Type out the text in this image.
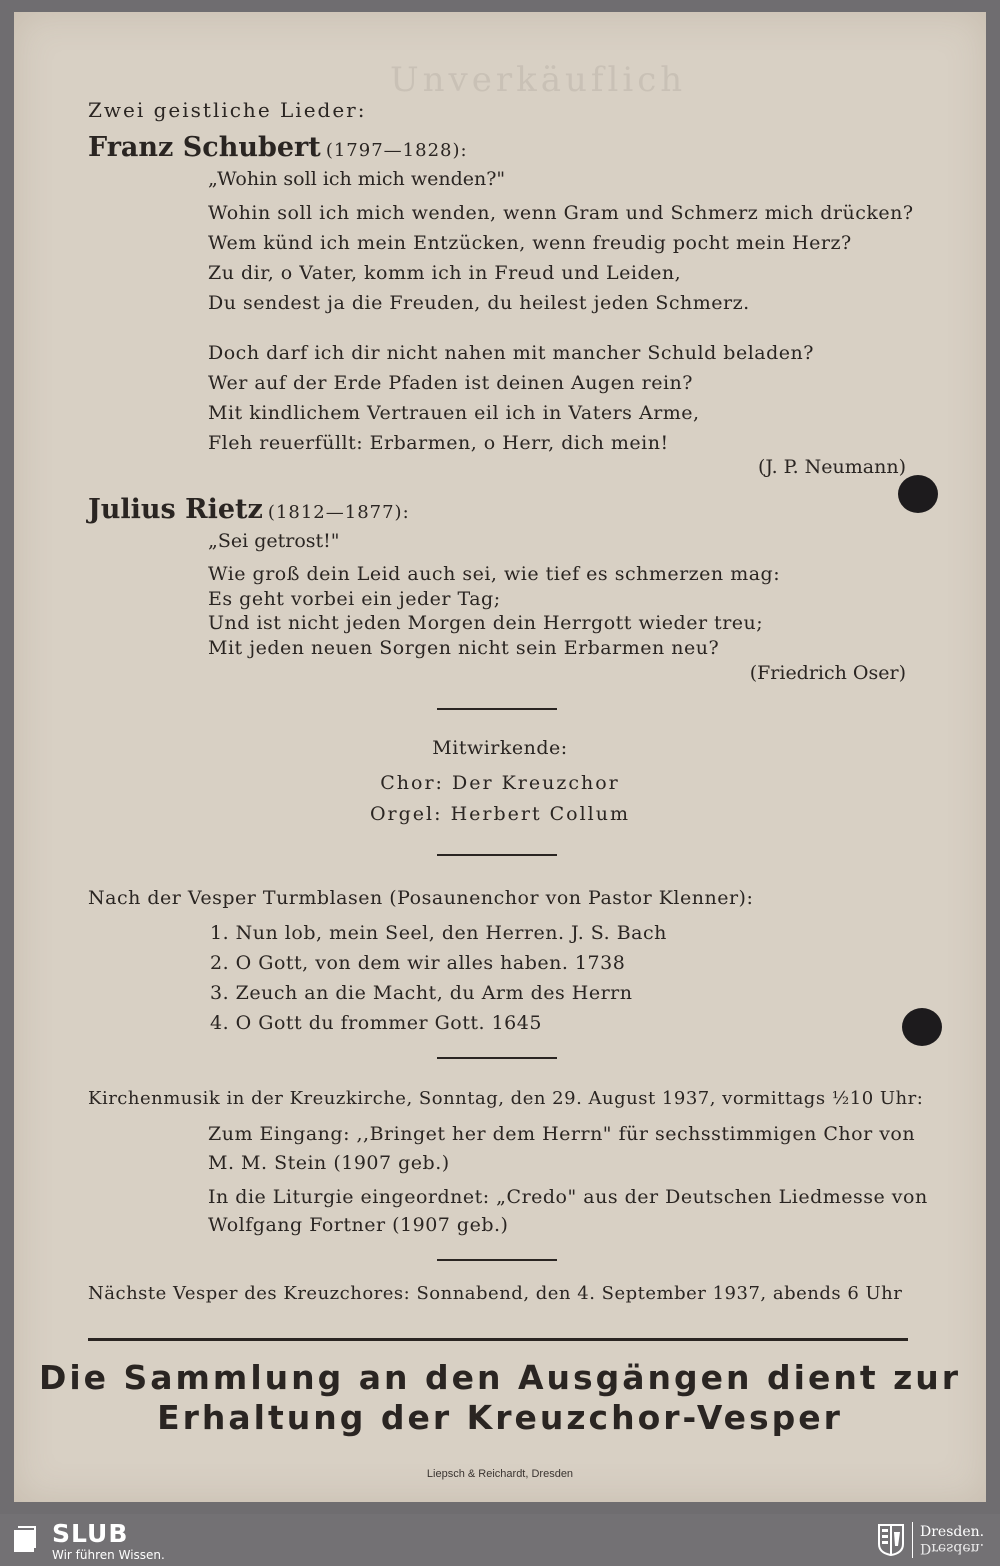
Unverkäuflich
Zwei geistliche Lieder:
Franz Schubert (1797—1828):
„Wohin soll ich mich wenden?"
Wohin soll ich mich wenden, wenn Gram und Schmerz mich drücken?
Wem künd ich mein Entzücken, wenn freudig pocht mein Herz?
Zu dir, o Vater, komm ich in Freud und Leiden,
Du sendest ja die Freuden, du heilest jeden Schmerz.
Doch darf ich dir nicht nahen mit mancher Schuld beladen?
Wer auf der Erde Pfaden ist deinen Augen rein?
Mit kindlichem Vertrauen eil ich in Vaters Arme,
Fleh reuerfüllt: Erbarmen, o Herr, dich mein!
(J. P. Neumann)
Julius Rietz (1812—1877):
„Sei getrost!"
Wie groß dein Leid auch sei, wie tief es schmerzen mag:
Es geht vorbei ein jeder Tag;
Und ist nicht jeden Morgen dein Herrgott wieder treu;
Mit jeden neuen Sorgen nicht sein Erbarmen neu?
(Friedrich Oser)
Mitwirkende:
Chor: Der Kreuzchor
Orgel: Herbert Collum
Nach der Vesper Turmblasen (Posaunenchor von Pastor Klenner):
1. Nun lob, mein Seel, den Herren. J. S. Bach
2. O Gott, von dem wir alles haben. 1738
3. Zeuch an die Macht, du Arm des Herrn
4. O Gott du frommer Gott. 1645
Kirchenmusik in der Kreuzkirche, Sonntag, den 29. August 1937, vormittags ½10 Uhr:
Zum Eingang: ,,Bringet her dem Herrn" für sechsstimmigen Chor von
M. M. Stein (1907 geb.)
In die Liturgie eingeordnet: „Credo" aus der Deutschen Liedmesse von
Wolfgang Fortner (1907 geb.)
Nächste Vesper des Kreuzchores: Sonnabend, den 4. September 1937, abends 6 Uhr
Die Sammlung an den Ausgängen dient zur
Erhaltung der Kreuzchor-Vesper
Liepsch & Reichardt, Dresden
SLUB
Wir führen Wissen.
Dresden.
Dresden.
